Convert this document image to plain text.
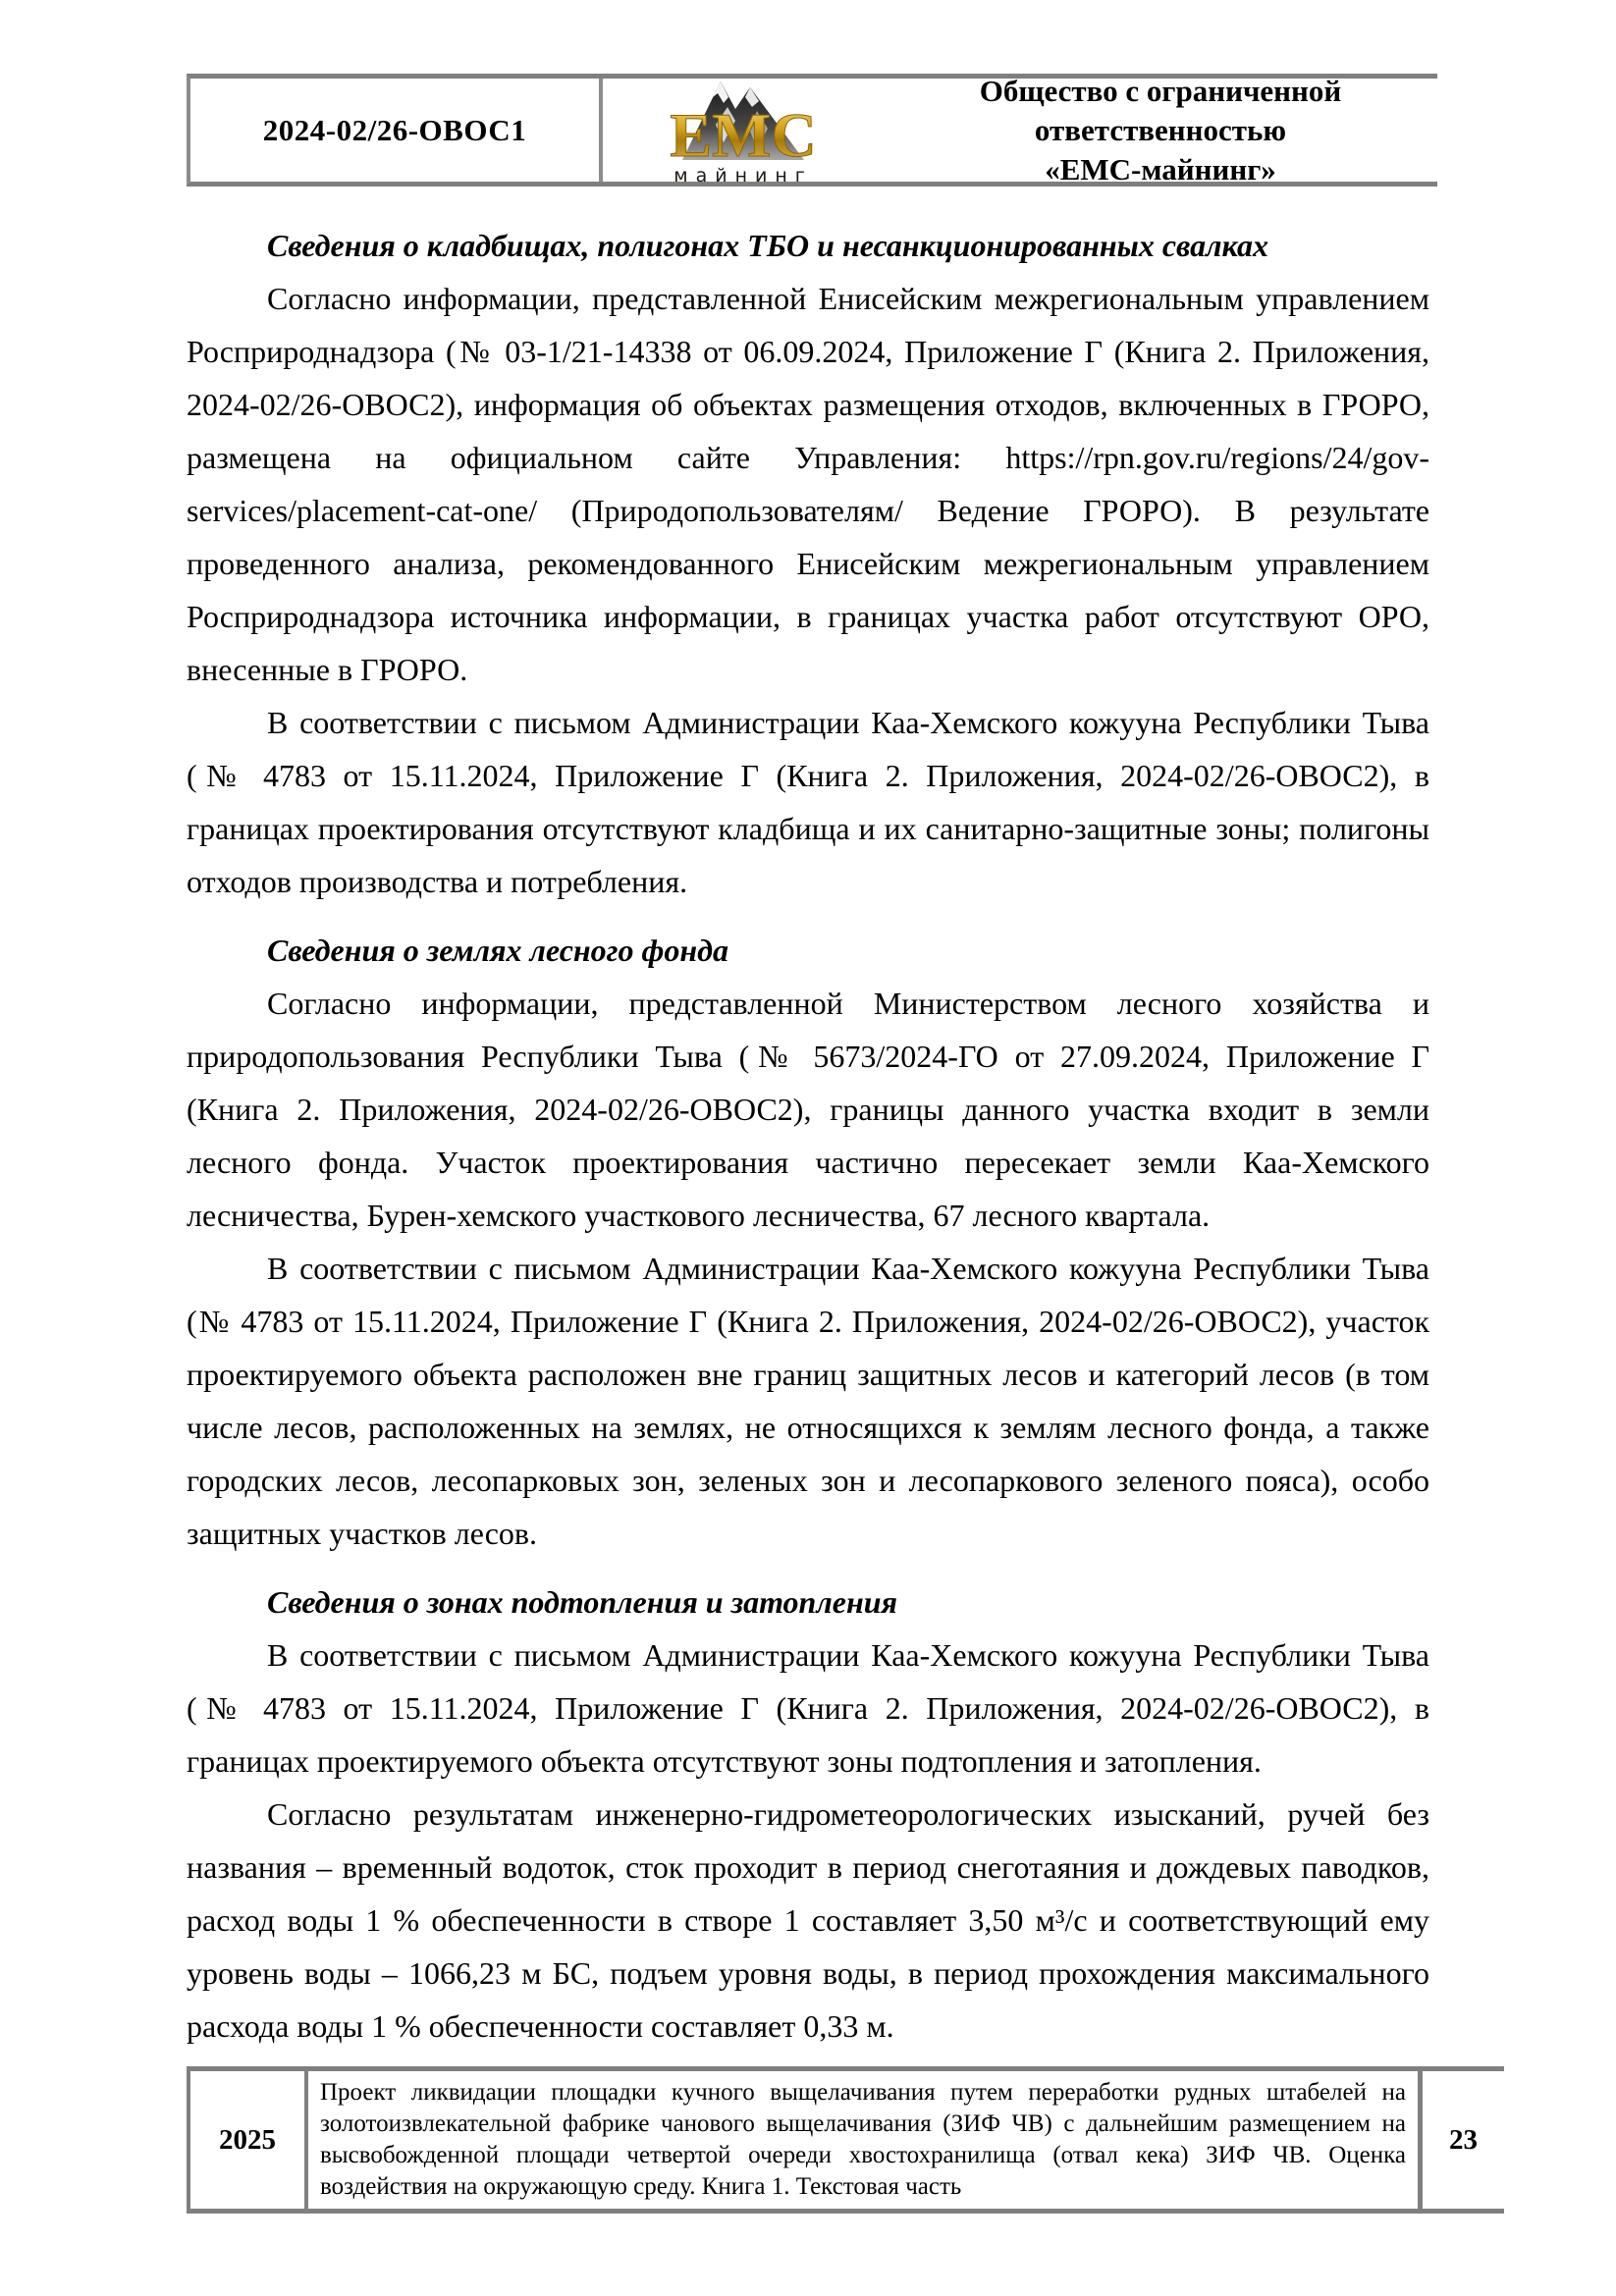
2024-02/26-ОВОС1 ЕМС
майнинг
Общество с ограниченной ответственностью
«ЕМС-майнинг»

Сведения о кладбищах, полигонах ТБО и несанкционированных свалках

Согласно информации, представленной Енисейским межрегиональным управлением Росприроднадзора (№ 03-1/21-14338 от 06.09.2024, Приложение Г (Книга 2. Приложения, 2024-02/26-ОВОС2), информация об объектах размещения отходов, включенных в ГРОРО, размещена на официальном сайте Управления: https://rpn.gov.ru/regions/24/gov-services/placement-cat-one/ (Природопользователям/ Ведение ГРОРО). В результате проведенного анализа, рекомендованного Енисейским межрегиональным управлением Росприроднадзора источника информации, в границах участка работ отсутствуют ОРО, внесенные в ГРОРО.

В соответствии с письмом Администрации Каа-Хемского кожууна Республики Тыва (№ 4783 от 15.11.2024, Приложение Г (Книга 2. Приложения, 2024-02/26-ОВОС2), в границах проектирования отсутствуют кладбища и их санитарно-защитные зоны; полигоны отходов производства и потребления.

Сведения о землях лесного фонда

Согласно информации, представленной Министерством лесного хозяйства и природопользования Республики Тыва (№ 5673/2024-ГО от 27.09.2024, Приложение Г (Книга 2. Приложения, 2024-02/26-ОВОС2), границы данного участка входит в земли лесного фонда. Участок проектирования частично пересекает земли Каа-Хемского лесничества, Бурен-хемского участкового лесничества, 67 лесного квартала.

В соответствии с письмом Администрации Каа-Хемского кожууна Республики Тыва (№ 4783 от 15.11.2024, Приложение Г (Книга 2. Приложения, 2024-02/26-ОВОС2), участок проектируемого объекта расположен вне границ защитных лесов и категорий лесов (в том числе лесов, расположенных на землях, не относящихся к землям лесного фонда, а также городских лесов, лесопарковых зон, зеленых зон и лесопаркового зеленого пояса), особо защитных участков лесов.

Сведения о зонах подтопления и затопления

В соответствии с письмом Администрации Каа-Хемского кожууна Республики Тыва (№ 4783 от 15.11.2024, Приложение Г (Книга 2. Приложения, 2024-02/26-ОВОС2), в границах проектируемого объекта отсутствуют зоны подтопления и затопления.

Согласно результатам инженерно-гидрометеорологических изысканий, ручей без названия – временный водоток, сток проходит в период снеготаяния и дождевых паводков, расход воды 1 % обеспеченности в створе 1 составляет 3,50 м³/с и соответствующий ему уровень воды – 1066,23 м БС, подъем уровня воды, в период прохождения максимального расхода воды 1 % обеспеченности составляет 0,33 м.

2025
Проект ликвидации площадки кучного выщелачивания путем переработки рудных штабелей на золотоизвлекательной фабрике чанового выщелачивания (ЗИФ ЧВ) с дальнейшим размещением на высвобожденной площади четвертой очереди хвостохранилища (отвал кека) ЗИФ ЧВ. Оценка воздействия на окружающую среду. Книга 1. Текстовая часть
23
